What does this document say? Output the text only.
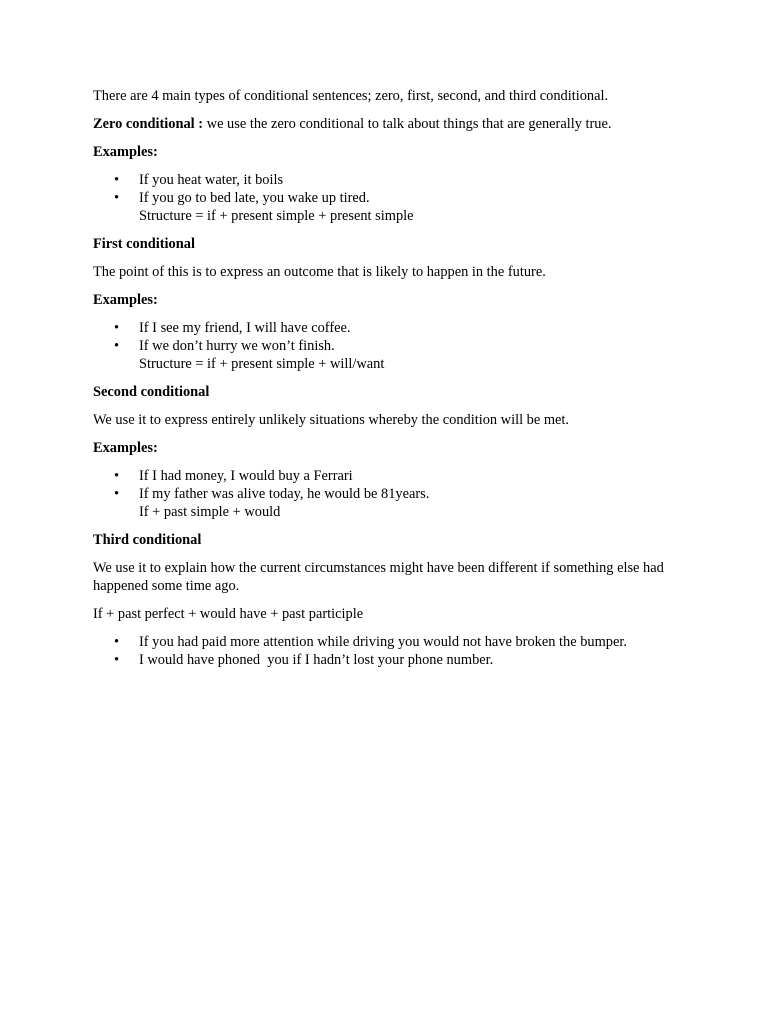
There are 4 main types of conditional sentences; zero, first, second, and third conditional.

Zero conditional : we use the zero conditional to talk about things that are generally true.

Examples:

• If you heat water, it boils
• If you go to bed late, you wake up tired.
Structure = if + present simple + present simple

First conditional

The point of this is to express an outcome that is likely to happen in the future.

Examples:

• If I see my friend, I will have coffee.
• If we don’t hurry we won’t finish.
Structure = if + present simple + will/want

Second conditional

We use it to express entirely unlikely situations whereby the condition will be met.

Examples:

• If I had money, I would buy a Ferrari
• If my father was alive today, he would be 81years.
If + past simple + would

Third conditional

We use it to explain how the current circumstances might have been different if something else had happened some time ago.

If + past perfect + would have + past participle

• If you had paid more attention while driving you would not have broken the bumper.
• I would have phoned  you if I hadn’t lost your phone number.
